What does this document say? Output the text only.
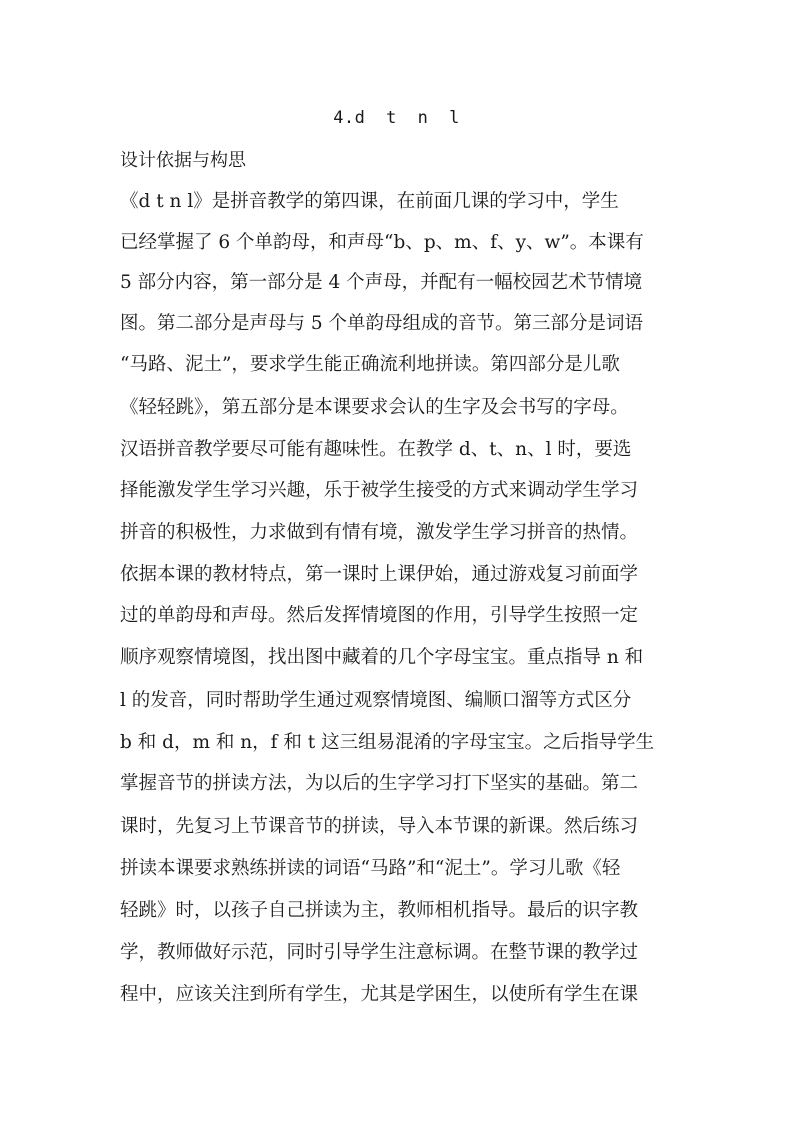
4.d t n l
设计依据与构思
《d t n l》是拼音教学的第四课，在前面几课的学习中，学生
已经掌握了 6 个单韵母，和声母“b、p、m、f、y、w”。本课有
5 部分内容，第一部分是 4 个声母，并配有一幅校园艺术节情境
图。第二部分是声母与 5 个单韵母组成的音节。第三部分是词语
“马路、泥土”，要求学生能正确流利地拼读。第四部分是儿歌
《轻轻跳》，第五部分是本课要求会认的生字及会书写的字母。
汉语拼音教学要尽可能有趣味性。在教学 d、t、n、l 时，要选
择能激发学生学习兴趣，乐于被学生接受的方式来调动学生学习
拼音的积极性，力求做到有情有境，激发学生学习拼音的热情。
依据本课的教材特点，第一课时上课伊始，通过游戏复习前面学
过的单韵母和声母。然后发挥情境图的作用，引导学生按照一定
顺序观察情境图，找出图中藏着的几个字母宝宝。重点指导 n 和
l 的发音，同时帮助学生通过观察情境图、编顺口溜等方式区分
b 和 d，m 和 n，f 和 t 这三组易混淆的字母宝宝。之后指导学生
掌握音节的拼读方法，为以后的生字学习打下坚实的基础。第二
课时，先复习上节课音节的拼读，导入本节课的新课。然后练习
拼读本课要求熟练拼读的词语“马路”和“泥土”。学习儿歌《轻
轻跳》时，以孩子自己拼读为主，教师相机指导。最后的识字教
学，教师做好示范，同时引导学生注意标调。在整节课的教学过
程中，应该关注到所有学生，尤其是学困生，以使所有学生在课
